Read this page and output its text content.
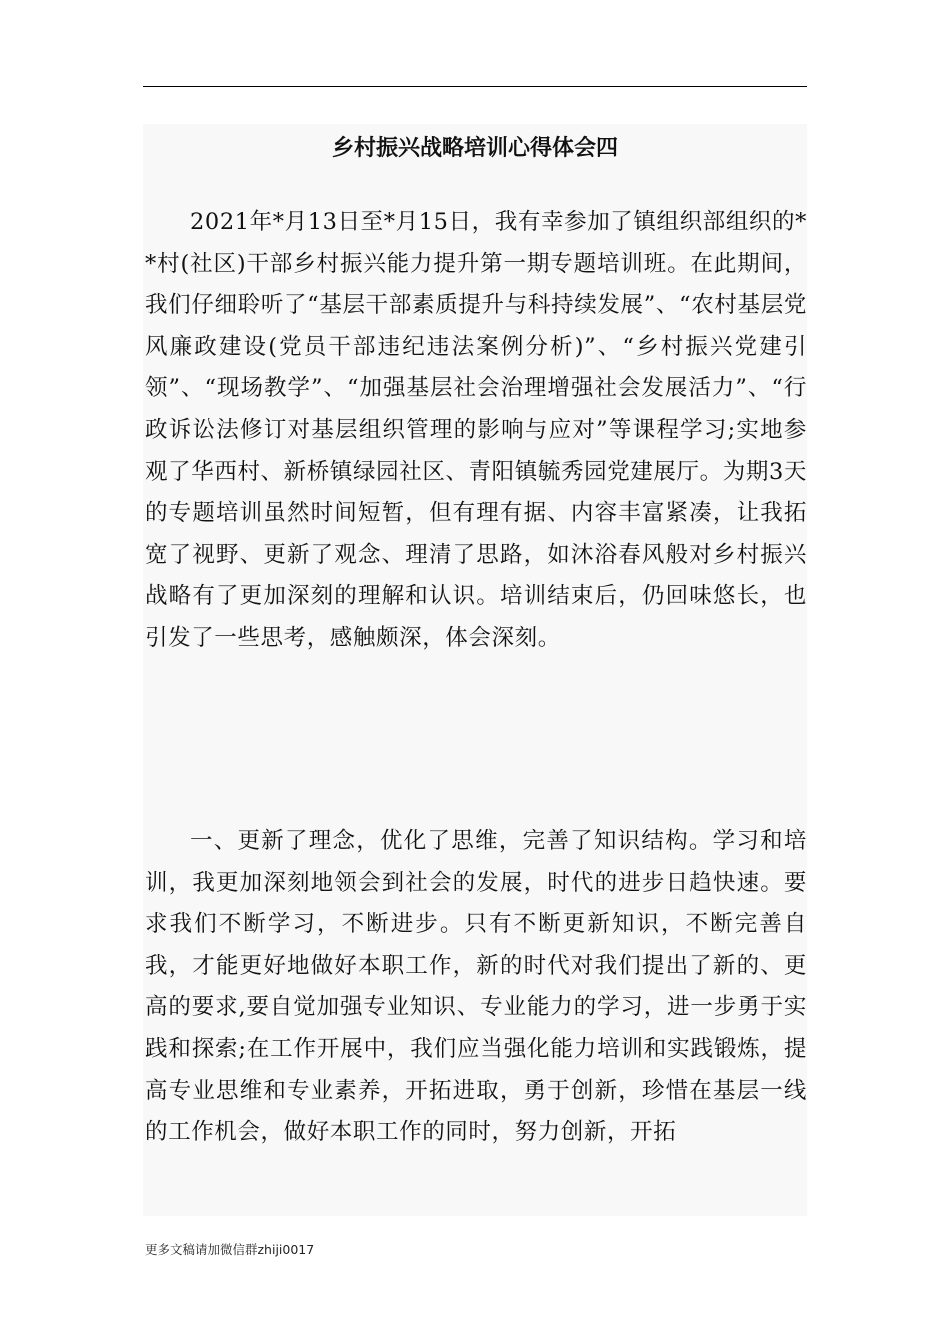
乡村振兴战略培训心得体会四

2021年*月13日至*月15日，我有幸参加了镇组织部组织的**村(社区)干部乡村振兴能力提升第一期专题培训班。在此期间，我们仔细聆听了“基层干部素质提升与科持续发展”、“农村基层党风廉政建设(党员干部违纪违法案例分析)”、“乡村振兴党建引领”、“现场教学”、“加强基层社会治理增强社会发展活力”、“行政诉讼法修订对基层组织管理的影响与应对”等课程学习;实地参观了华西村、新桥镇绿园社区、青阳镇毓秀园党建展厅。为期3天的专题培训虽然时间短暂，但有理有据、内容丰富紧凑，让我拓宽了视野、更新了观念、理清了思路，如沐浴春风般对乡村振兴战略有了更加深刻的理解和认识。培训结束后，仍回味悠长，也引发了一些思考，感触颇深，体会深刻。

一、更新了理念，优化了思维，完善了知识结构。学习和培训，我更加深刻地领会到社会的发展，时代的进步日趋快速。要求我们不断学习，不断进步。只有不断更新知识，不断完善自我，才能更好地做好本职工作，新的时代对我们提出了新的、更高的要求,要自觉加强专业知识、专业能力的学习，进一步勇于实践和探索;在工作开展中，我们应当强化能力培训和实践锻炼，提高专业思维和专业素养，开拓进取，勇于创新，珍惜在基层一线的工作机会，做好本职工作的同时，努力创新，开拓

更多文稿请加微信群zhiji0017
